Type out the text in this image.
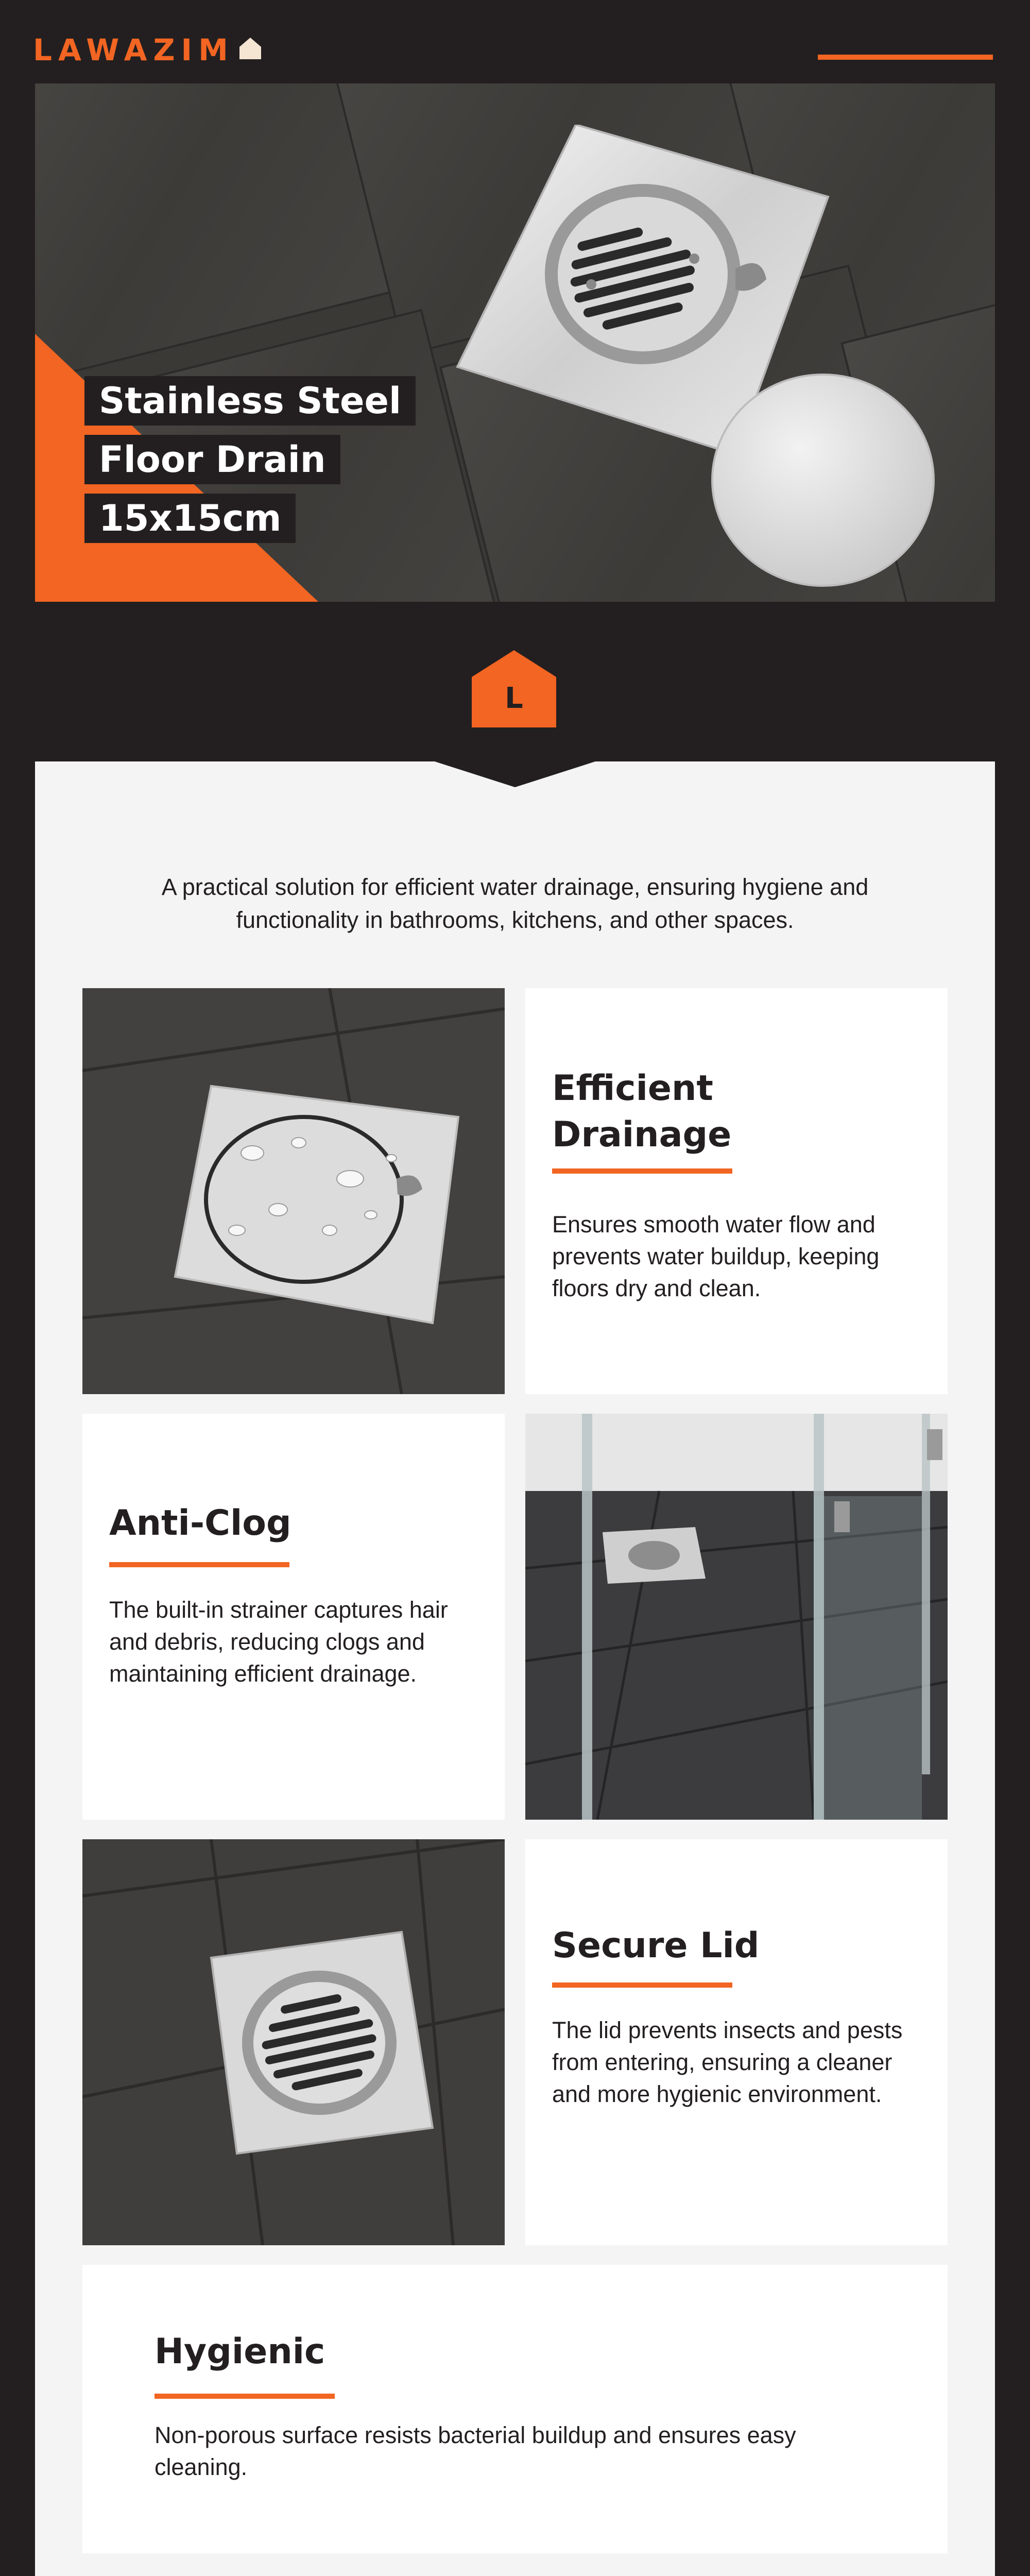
LAWAZIM
Stainless Steel
Floor Drain
15x15cm
L

A practical solution for efficient water drainage, ensuring hygiene and functionality in bathrooms, kitchens, and other spaces.

Efficient
Drainage
Ensures smooth water flow and prevents water buildup, keeping floors dry and clean.
Anti-Clog
The built-in strainer captures hair and debris, reducing clogs and maintaining efficient drainage.
Secure Lid
The lid prevents insects and pests from entering, ensuring a cleaner and more hygienic environment.
Hygienic
Non-porous surface resists bacterial buildup and ensures easy cleaning.
